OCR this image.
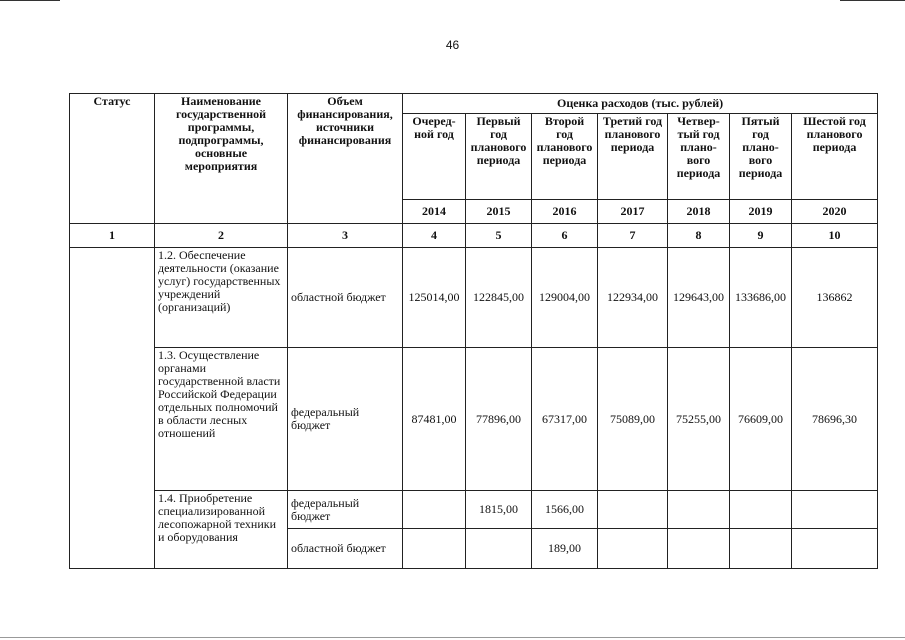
46
Статус	Наименование государственной программы, подпрограммы, основные мероприятия	Объем финансирования, источники финансирования	Оценка расходов (тыс. рублей)						
			Очеред-ной год	Первый год планового периода	Второй год планового периода	Третий год планового периода	Четвер-тый год плано-вого периода	Пятый год плано-вого периода	Шестой год планового периода
			2014	2015	2016	2017	2018	2019	2020
1	2	3	4	5	6	7	8	9	10
	1.2. Обеспечение деятельности (оказание услуг) государственных учреждений (организаций)	областной бюджет	125014,00	122845,00	129004,00	122934,00	129643,00	133686,00	136862
	1.3. Осуществление органами государственной власти Российской Федерации отдельных полномочий в области лесных отношений	федеральный бюджет	87481,00	77896,00	67317,00	75089,00	75255,00	76609,00	78696,30
	1.4. Приобретение специализированной лесопожарной техники и оборудования	федеральный бюджет		1815,00	1566,00				
		областной бюджет			189,00				
